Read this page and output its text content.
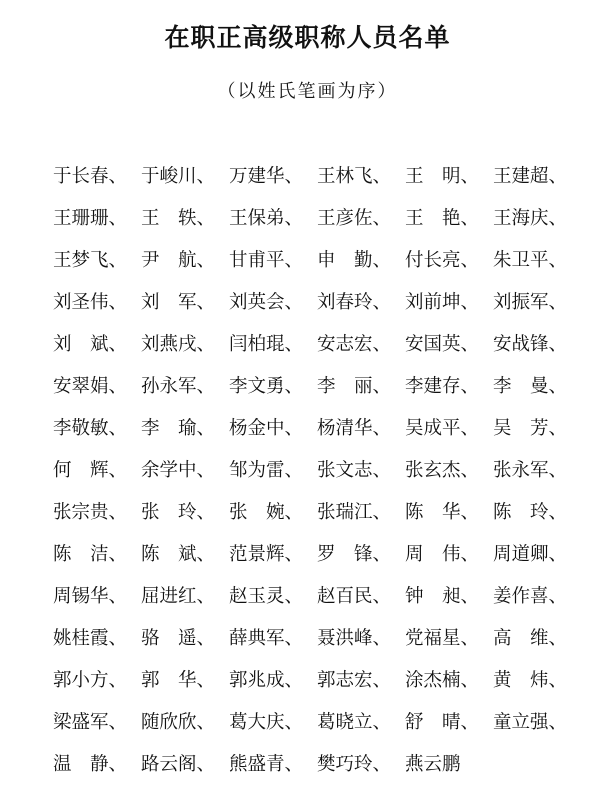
在职正高级职称人员名单
（以姓氏笔画为序）
于长春、 于峻川、 万建华、 王林飞、 王　明、 王建超、
王珊珊、 王　轶、 王保弟、 王彦佐、 王　艳、 王海庆、
王梦飞、 尹　航、 甘甫平、 申　勤、 付长亮、 朱卫平、
刘圣伟、 刘　军、 刘英会、 刘春玲、 刘前坤、 刘振军、
刘　斌、 刘燕戌、 闫柏琨、 安志宏、 安国英、 安战锋、
安翠娟、 孙永军、 李文勇、 李　丽、 李建存、 李　曼、
李敬敏、 李　瑜、 杨金中、 杨清华、 吴成平、 吴　芳、
何　辉、 余学中、 邹为雷、 张文志、 张玄杰、 张永军、
张宗贵、 张　玲、 张　婉、 张瑞江、 陈　华、 陈　玲、
陈　洁、 陈　斌、 范景辉、 罗　锋、 周　伟、 周道卿、
周锡华、 屈进红、 赵玉灵、 赵百民、 钟　昶、 姜作喜、
姚桂霞、 骆　遥、 薛典军、 聂洪峰、 党福星、 高　维、
郭小方、 郭　华、 郭兆成、 郭志宏、 涂杰楠、 黄　炜、
梁盛军、 随欣欣、 葛大庆、 葛晓立、 舒　晴、 童立强、
温　静、 路云阁、 熊盛青、 樊巧玲、 燕云鹏
